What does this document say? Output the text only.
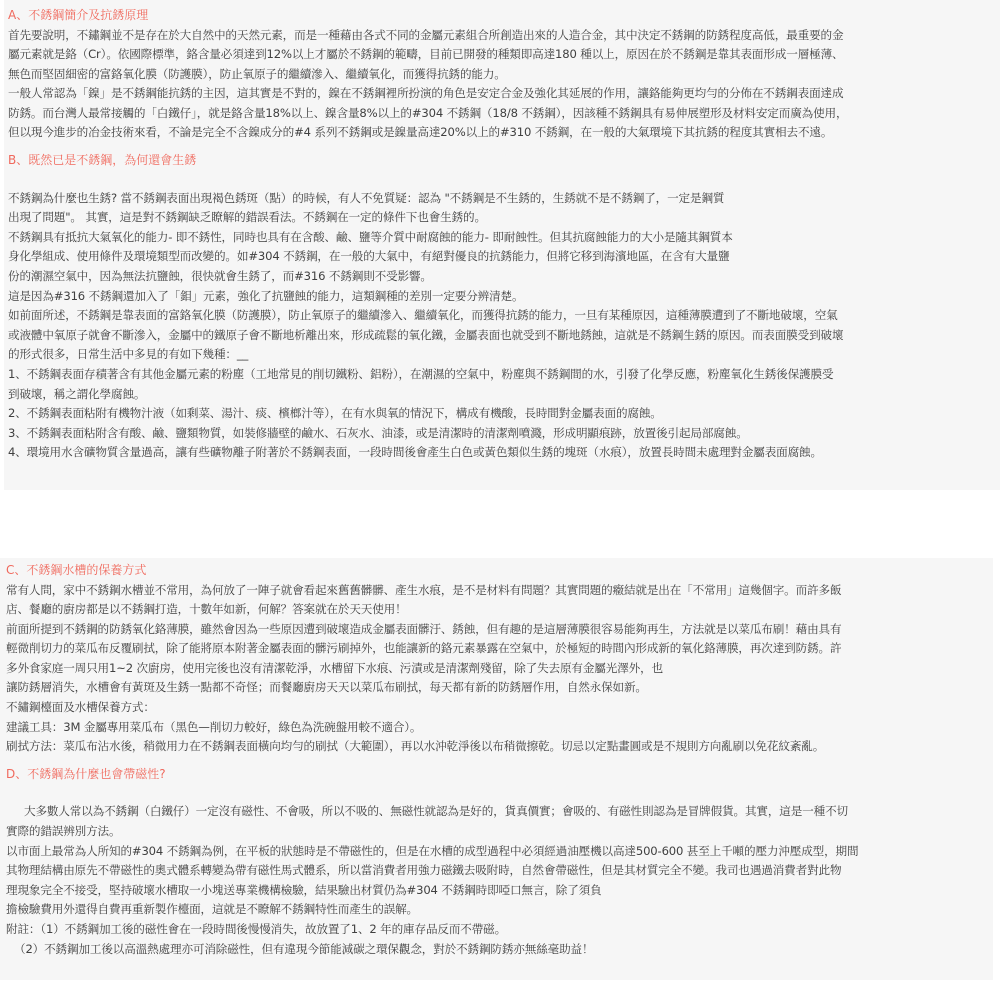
A、不銹鋼簡介及抗銹原理
首先要說明，不鏽鋼並不是存在於大自然中的天然元素，而是一種藉由各式不同的金屬元素組合所創造出來的人造合金，其中決定不銹鋼的防銹程度高低，最重要的金
屬元素就是鉻（Cr）。依國際標準，鉻含量必須達到12%以上才屬於不銹鋼的範疇，目前已開發的種類即高達180 種以上，原因在於不銹鋼是靠其表面形成一層極薄、
無色而堅固細密的富鉻氧化膜（防護膜），防止氧原子的繼續滲入、繼續氧化，而獲得抗銹的能力。
一般人常認為「鎳」是不銹鋼能抗銹的主因，這其實是不對的，鎳在不銹鋼裡所扮演的角色是安定合金及強化其延展的作用，讓鉻能夠更均勻的分佈在不銹鋼表面達成
防銹。而台灣人最常接觸的「白鐵仔」，就是鉻含量18%以上、鎳含量8%以上的#304 不銹鋼（18/8 不銹鋼），因該種不銹鋼具有易伸展塑形及材料安定而廣為使用，
但以現今進步的冶金技術來看，不論是完全不含鎳成分的#4 系列不銹鋼或是鎳量高達20%以上的#310 不銹鋼，在一般的大氣環境下其抗銹的程度其實相去不遠。
B、既然已是不銹鋼，為何還會生銹
不銹鋼為什麼也生銹? 當不銹鋼表面出現褐色銹斑（點）的時候，有人不免質疑：認為 "不銹鋼是不生銹的，生銹就不是不銹鋼了，一定是鋼質
出現了問題"。 其實，這是對不銹鋼缺乏瞭解的錯誤看法。不銹鋼在一定的條件下也會生銹的。
不銹鋼具有抵抗大氣氧化的能力- 即不銹性，同時也具有在含酸、鹼、鹽等介質中耐腐蝕的能力- 即耐蝕性。但其抗腐蝕能力的大小是隨其鋼質本
身化學組成、使用條件及環境類型而改變的。如#304 不銹鋼，在一般的大氣中，有絕對優良的抗銹能力，但將它移到海濱地區，在含有大量鹽
份的潮濕空氣中，因為無法抗鹽蝕，很快就會生銹了，而#316 不銹鋼則不受影響。
這是因為#316 不銹鋼還加入了「鉬」元素，強化了抗鹽蝕的能力，這類鋼種的差別一定要分辨清楚。
如前面所述，不銹鋼是靠表面的富鉻氧化膜（防護膜），防止氧原子的繼續滲入、繼續氧化，而獲得抗銹的能力，一旦有某種原因，這種薄膜遭到了不斷地破壞，空氣
或液體中氧原子就會不斷滲入，金屬中的鐵原子會不斷地析離出來，形成疏鬆的氧化鐵，金屬表面也就受到不斷地銹蝕，這就是不銹鋼生銹的原因。而表面膜受到破壞
的形式很多，日常生活中多見的有如下幾種：__
1、不銹鋼表面存積著含有其他金屬元素的粉塵（工地常見的削切鐵粉、鋁粉），在潮濕的空氣中，粉塵與不銹鋼間的水，引發了化學反應，粉塵氧化生銹後保護膜受
到破壞，稱之謂化學腐蝕。
2、不銹鋼表面粘附有機物汁液（如剩菜、湯汁、痰、檳榔汁等），在有水與氧的情況下，構成有機酸，長時間對金屬表面的腐蝕。
3、不銹鋼表面粘附含有酸、鹼、鹽類物質，如裝修牆壁的鹼水、石灰水、油漆，或是清潔時的清潔劑噴濺，形成明顯痕跡，放置後引起局部腐蝕。
4、環境用水含礦物質含量過高，讓有些礦物離子附著於不銹鋼表面，一段時間後會產生白色或黃色類似生銹的塊斑（水痕），放置長時間未處理對金屬表面腐蝕。
C、不銹鋼水槽的保養方式
常有人問，家中不銹鋼水槽並不常用，為何放了一陣子就會看起來舊舊髒髒、產生水痕，是不是材料有問題？其實問題的癥結就是出在「不常用」這幾個字。而許多飯
店、餐廳的廚房都是以不銹鋼打造，十數年如新，何解？答案就在於天天使用！
前面所提到不銹鋼的防銹氧化鉻薄膜，雖然會因為一些原因遭到破壞造成金屬表面髒汙、銹蝕，但有趣的是這層薄膜很容易能夠再生，方法就是以菜瓜布刷！藉由具有
輕微削切力的菜瓜布反覆刷拭，除了能將原本附著金屬表面的髒污刷掉外，也能讓新的鉻元素暴露在空氣中，於極短的時間內形成新的氧化鉻薄膜，再次達到防銹。許
多外食家庭一周只用1~2 次廚房，使用完後也沒有清潔乾淨，水槽留下水痕、污漬或是清潔劑殘留，除了失去原有金屬光澤外，也
讓防銹層消失，水槽會有黃斑及生銹一點都不奇怪；而餐廳廚房天天以菜瓜布刷拭，每天都有新的防銹層作用，自然永保如新。
不鏽鋼檯面及水槽保養方式：
建議工具：3M 金屬專用菜瓜布（黑色—削切力較好，綠色為洗碗盤用較不適合）。
刷拭方法：菜瓜布沾水後，稍微用力在不銹鋼表面橫向均勻的刷拭（大範圍），再以水沖乾淨後以布稍微擦乾。切忌以定點畫圓或是不規則方向亂刷以免花紋紊亂。
D、不銹鋼為什麼也會帶磁性?
大多數人常以為不銹鋼（白鐵仔）一定沒有磁性、不會吸，所以不吸的、無磁性就認為是好的，貨真價實；會吸的、有磁性則認為是冒牌假貨。其實，這是一種不切
實際的錯誤辨別方法。
以市面上最常為人所知的#304 不銹鋼為例，在平板的狀態時是不帶磁性的，但是在水槽的成型過程中必須經過油壓機以高達500-600 甚至上千噸的壓力沖壓成型，期間
其物理結構由原先不帶磁性的奧式體系轉變為帶有磁性馬式體系，所以當消費者用強力磁鐵去吸附時，自然會帶磁性，但是其材質完全不變。我司也遇過消費者對此物
理現象完全不接受，堅持破壞水槽取一小塊送專業機構檢驗，結果驗出材質仍為#304 不銹鋼時即啞口無言，除了須負
擔檢驗費用外還得自費再重新製作檯面，這就是不瞭解不銹鋼特性而產生的誤解。
附註：（1）不銹鋼加工後的磁性會在一段時間後慢慢消失，故放置了1、2 年的庫存品反而不帶磁。
（2）不銹鋼加工後以高溫熱處理亦可消除磁性，但有違現今節能減碳之環保觀念，對於不銹鋼防銹亦無絲毫助益！
